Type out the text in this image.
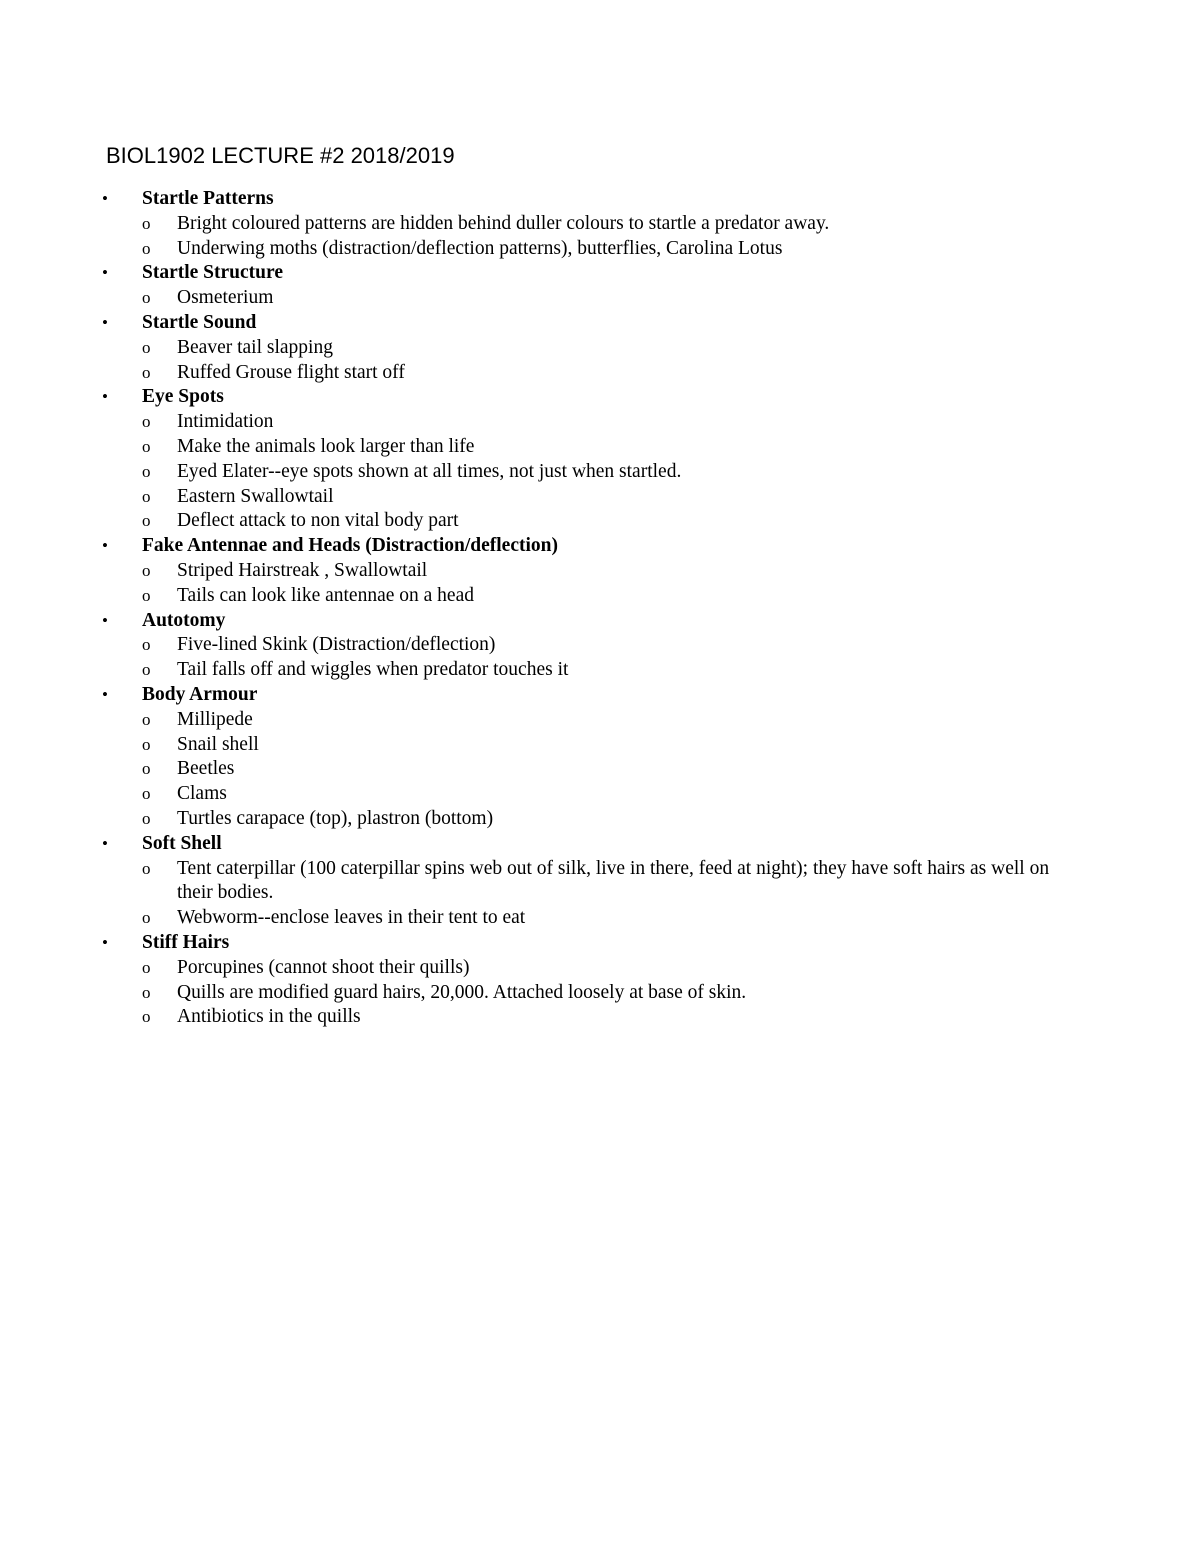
BIOL1902 LECTURE #2 2018/2019
• Startle Patterns
o Bright coloured patterns are hidden behind duller colours to startle a predator away.
o Underwing moths (distraction/deflection patterns), butterflies, Carolina Lotus
• Startle Structure
o Osmeterium
• Startle Sound
o Beaver tail slapping
o Ruffed Grouse flight start off
• Eye Spots
o Intimidation
o Make the animals look larger than life
o Eyed Elater--eye spots shown at all times, not just when startled.
o Eastern Swallowtail
o Deflect attack to non vital body part
• Fake Antennae and Heads (Distraction/deflection)
o Striped Hairstreak , Swallowtail
o Tails can look like antennae on a head
• Autotomy
o Five-lined Skink (Distraction/deflection)
o Tail falls off and wiggles when predator touches it
• Body Armour
o Millipede
o Snail shell
o Beetles
o Clams
o Turtles carapace (top), plastron (bottom)
• Soft Shell
o Tent caterpillar (100 caterpillar spins web out of silk, live in there, feed at night); they have soft hairs as well on their bodies.
o Webworm--enclose leaves in their tent to eat
• Stiff Hairs
o Porcupines (cannot shoot their quills)
o Quills are modified guard hairs, 20,000. Attached loosely at base of skin.
o Antibiotics in the quills
